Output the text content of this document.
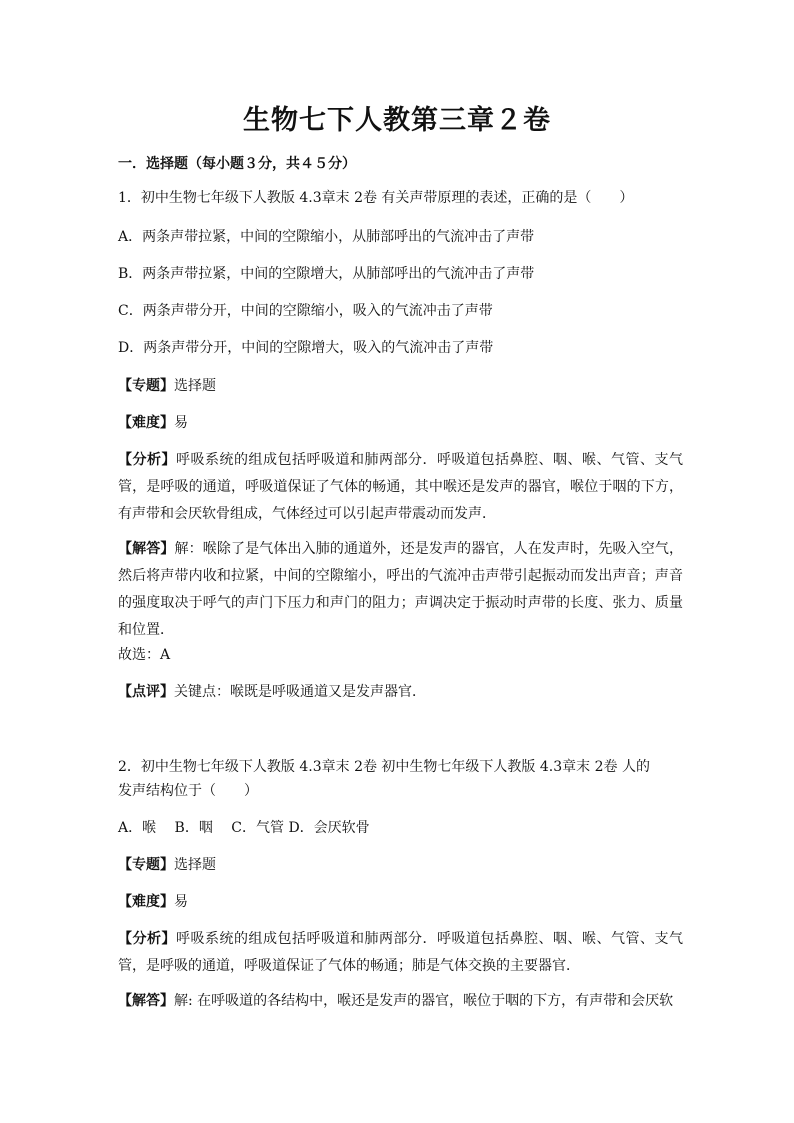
生物七下人教第三章２卷
一．选择题（每小题３分，共４５分）
1．初中生物七年级下人教版 4.3章末 2卷 有关声带原理的表述，正确的是（　　）
A．两条声带拉紧，中间的空隙缩小，从肺部呼出的气流冲击了声带
B．两条声带拉紧，中间的空隙增大，从肺部呼出的气流冲击了声带
C．两条声带分开，中间的空隙缩小，吸入的气流冲击了声带
D．两条声带分开，中间的空隙增大，吸入的气流冲击了声带
【专题】选择题
【难度】易
【分析】呼吸系统的组成包括呼吸道和肺两部分．呼吸道包括鼻腔、咽、喉、气管、支气管，是呼吸的通道，呼吸道保证了气体的畅通，其中喉还是发声的器官，喉位于咽的下方，有声带和会厌软骨组成，气体经过可以引起声带震动而发声．
【解答】解：喉除了是气体出入肺的通道外，还是发声的器官，人在发声时，先吸入空气，然后将声带内收和拉紧，中间的空隙缩小，呼出的气流冲击声带引起振动而发出声音；声音的强度取决于呼气的声门下压力和声门的阻力；声调决定于振动时声带的长度、张力、质量和位置．
故选：A
【点评】关键点：喉既是呼吸通道又是发声器官．
2．初中生物七年级下人教版 4.3章末 2卷 初中生物七年级下人教版 4.3章末 2卷 人的
发声结构位于（　　）
A．喉　 B．咽　 C．气管 D．会厌软骨
【专题】选择题
【难度】易
【分析】呼吸系统的组成包括呼吸道和肺两部分．呼吸道包括鼻腔、咽、喉、气管、支气管，是呼吸的通道，呼吸道保证了气体的畅通；肺是气体交换的主要器官．
【解答】解: 在呼吸道的各结构中，喉还是发声的器官，喉位于咽的下方，有声带和会厌软
